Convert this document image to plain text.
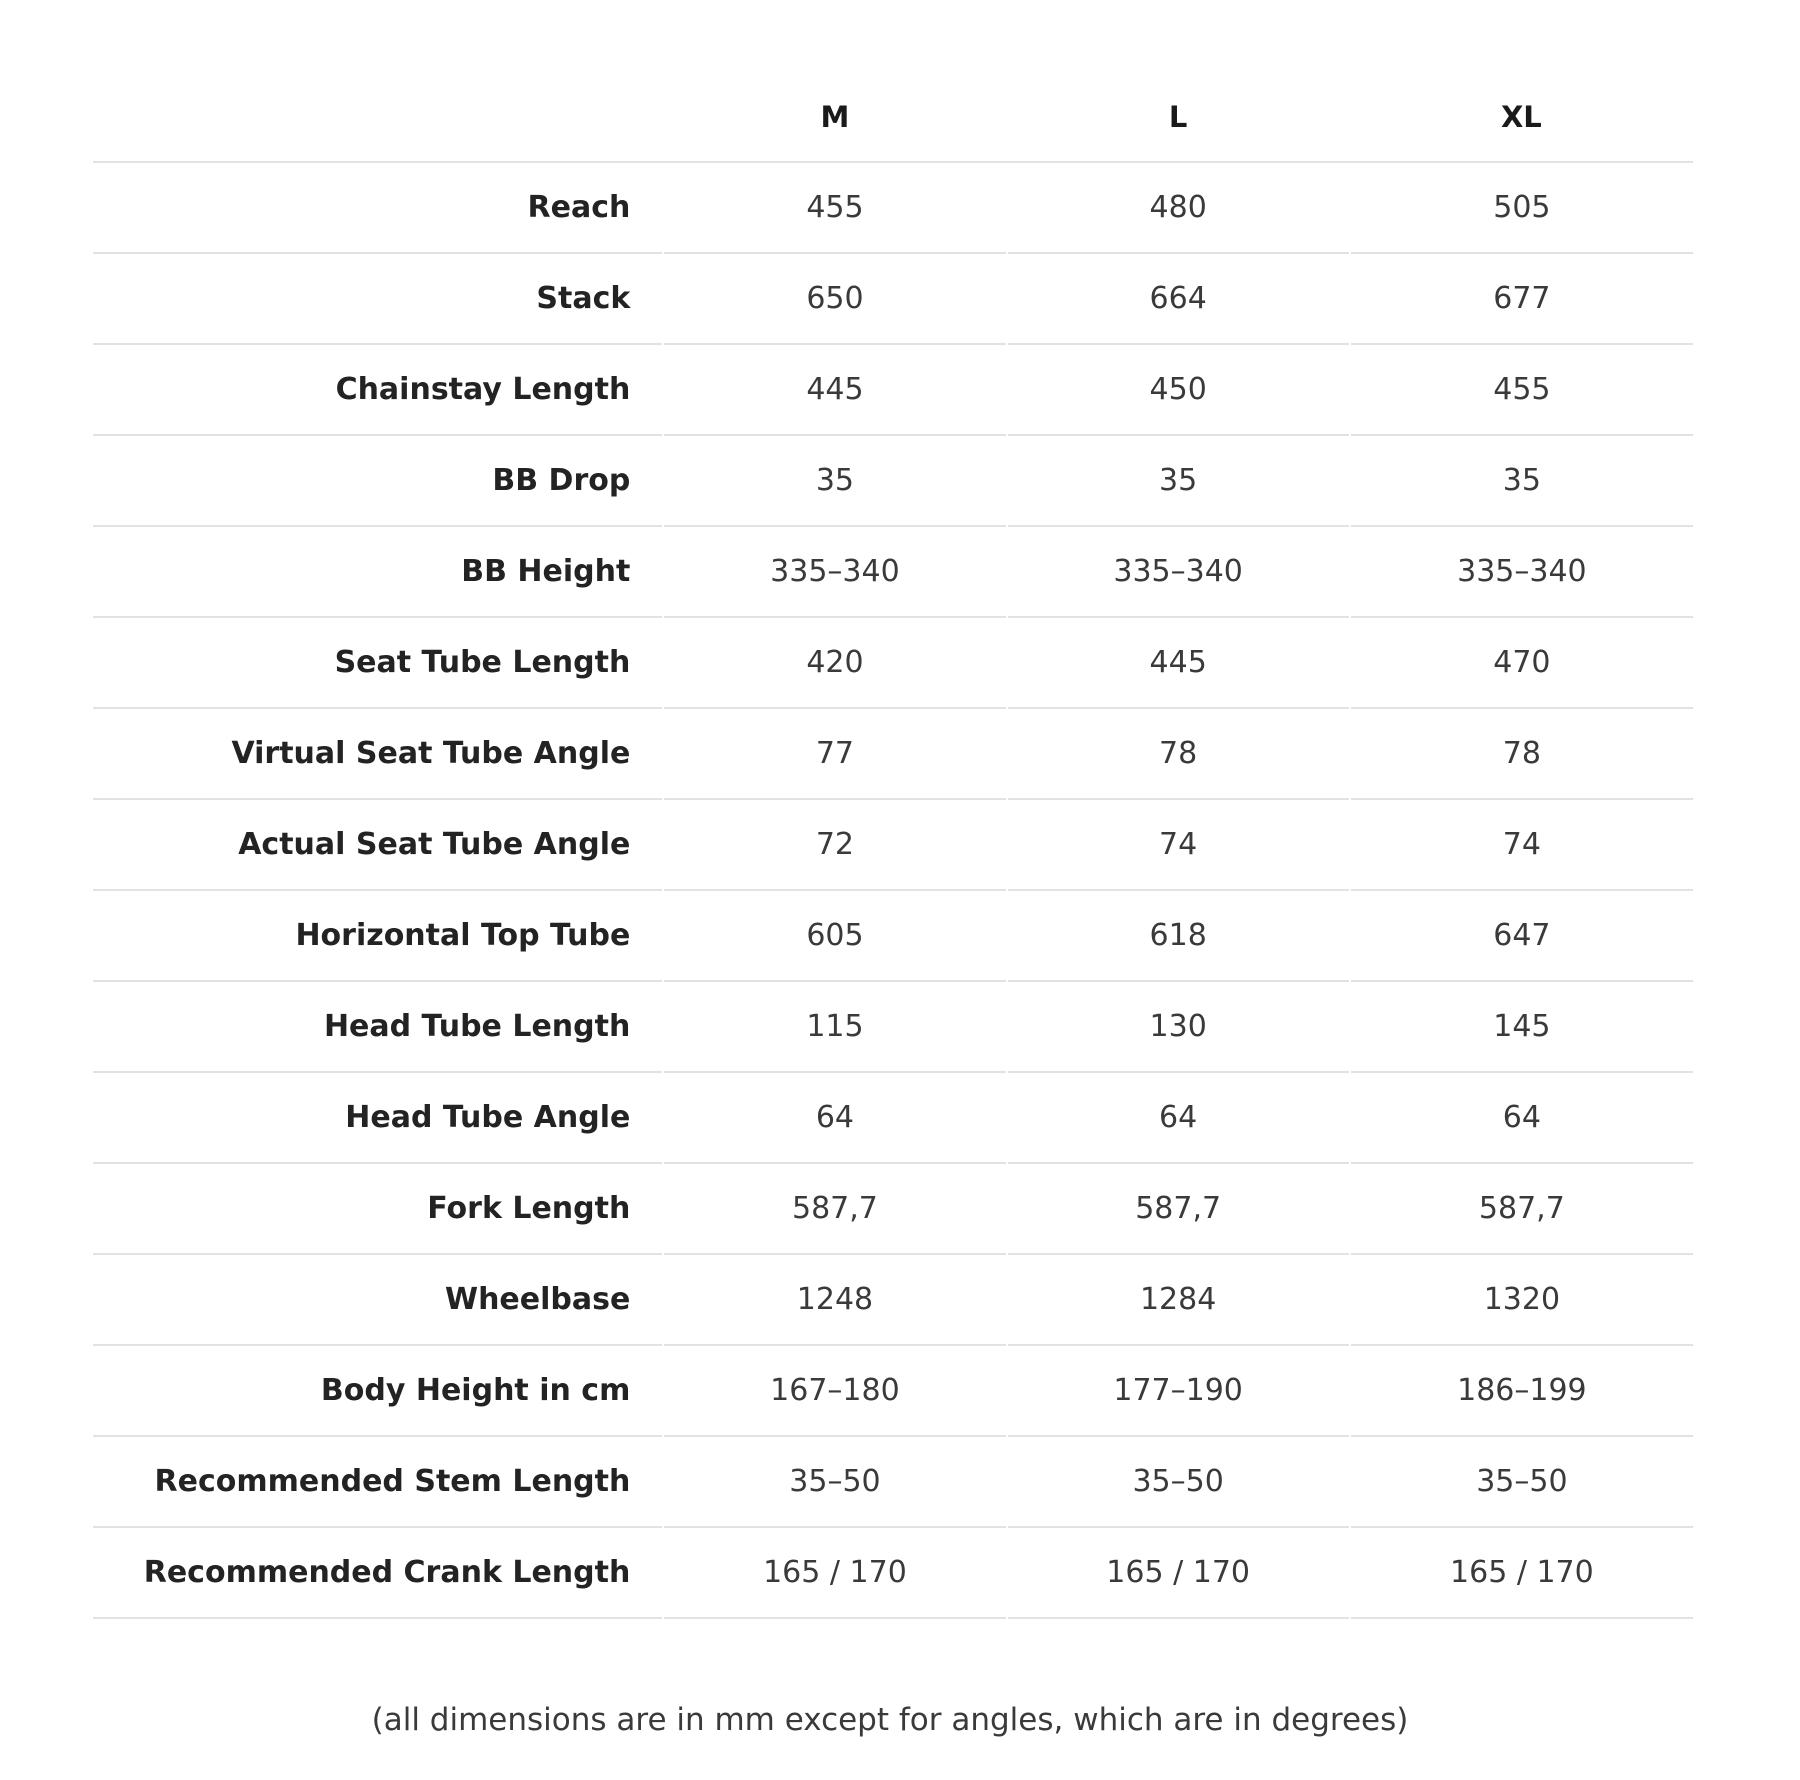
	M	L	XL
Reach	455	480	505
Stack	650	664	677
Chainstay Length	445	450	455
BB Drop	35	35	35
BB Height	335–340	335–340	335–340
Seat Tube Length	420	445	470
Virtual Seat Tube Angle	77	78	78
Actual Seat Tube Angle	72	74	74
Horizontal Top Tube	605	618	647
Head Tube Length	115	130	145
Head Tube Angle	64	64	64
Fork Length	587,7	587,7	587,7
Wheelbase	1248	1284	1320
Body Height in cm	167–180	177–190	186–199
Recommended Stem Length	35–50	35–50	35–50
Recommended Crank Length	165 / 170	165 / 170	165 / 170
(all dimensions are in mm except for angles, which are in degrees)
